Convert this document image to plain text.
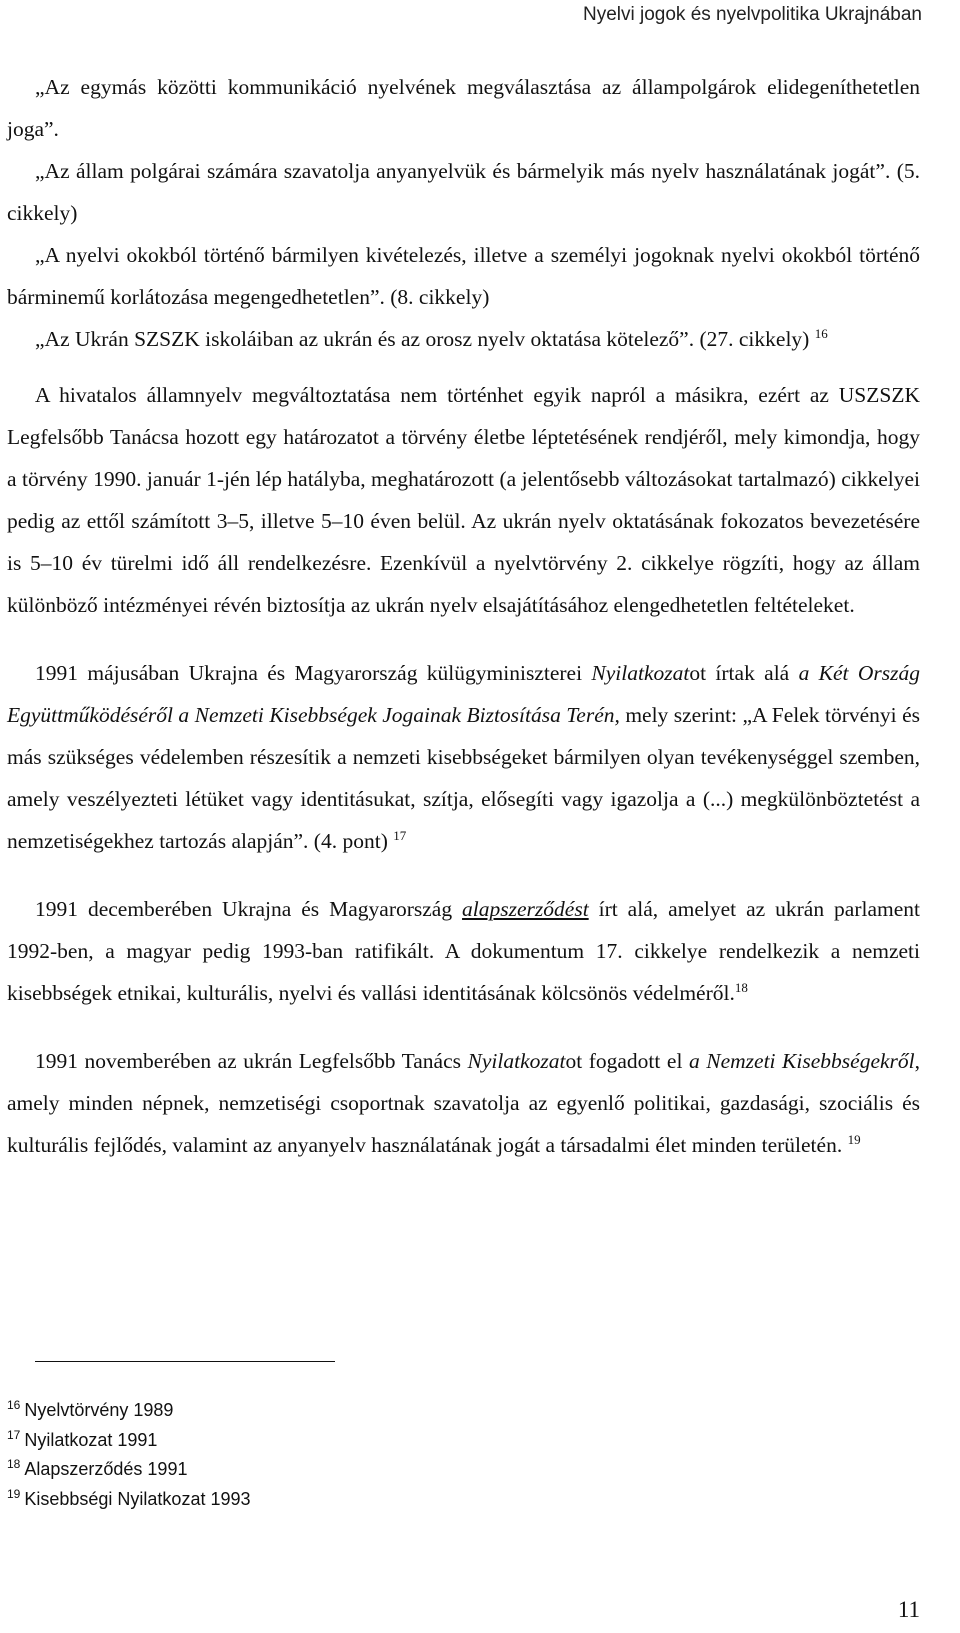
Nyelvi jogok és nyelvpolitika Ukrajnában

„Az egymás közötti kommunikáció nyelvének megválasztása az állampolgárok elidegeníthetetlen joga”.

„Az állam polgárai számára szavatolja anyanyelvük és bármelyik más nyelv használatának jogát”. (5. cikkely)

„A nyelvi okokból történő bármilyen kivételezés, illetve a személyi jogoknak nyelvi okokból történő bárminemű korlátozása megengedhetetlen”. (8. cikkely)

„Az Ukrán SZSZK iskoláiban az ukrán és az orosz nyelv oktatása kötelező”. (27. cikkely) $^{16}$

A hivatalos államnyelv megváltoztatása nem történhet egyik napról a másikra, ezért az USZSZK Legfelsőbb Tanácsa hozott egy határozatot a törvény életbe léptetésének rendjéről, mely kimondja, hogy a törvény 1990. január 1-jén lép hatályba, meghatározott (a jelentősebb változásokat tartalmazó) cikkelyei pedig az ettől számított 3–5, illetve 5–10 éven belül. Az ukrán nyelv oktatásának fokozatos bevezetésére is 5–10 év türelmi idő áll rendelkezésre. Ezenkívül a nyelvtörvény 2. cikkelye rögzíti, hogy az állam különböző intézményei révén biztosítja az ukrán nyelv elsajátításához elengedhetetlen feltételeket.

1991 májusában Ukrajna és Magyarország külügyminiszterei Nyilatkozatot írtak alá a Két Ország Együttműködéséről a Nemzeti Kisebbségek Jogainak Biztosítása Terén, mely szerint: „A Felek törvényi és más szükséges védelemben részesítik a nemzeti kisebbségeket bármilyen olyan tevékenységgel szemben, amely veszélyezteti létüket vagy identitásukat, szítja, elősegíti vagy igazolja a (...) megkülönböztetést a nemzetiségekhez tartozás alapján”. (4. pont) $^{17}$

1991 decemberében Ukrajna és Magyarország alapszerződést írt alá, amelyet az ukrán parlament 1992-ben, a magyar pedig 1993-ban ratifikált. A dokumentum 17. cikkelye rendelkezik a nemzeti kisebbségek etnikai, kulturális, nyelvi és vallási identitásának kölcsönös védelméről.$^{18}$

1991 novemberében az ukrán Legfelsőbb Tanács Nyilatkozatot fogadott el a Nemzeti Kisebbségekről, amely minden népnek, nemzetiségi csoportnak szavatolja az egyenlő politikai, gazdasági, szociális és kulturális fejlődés, valamint az anyanyelv használatának jogát a társadalmi élet minden területén. $^{19}$

$^{16}$ Nyelvtörvény 1989
$^{17}$ Nyilatkozat 1991
$^{18}$ Alapszerződés 1991
$^{19}$ Kisebbségi Nyilatkozat 1993
11
